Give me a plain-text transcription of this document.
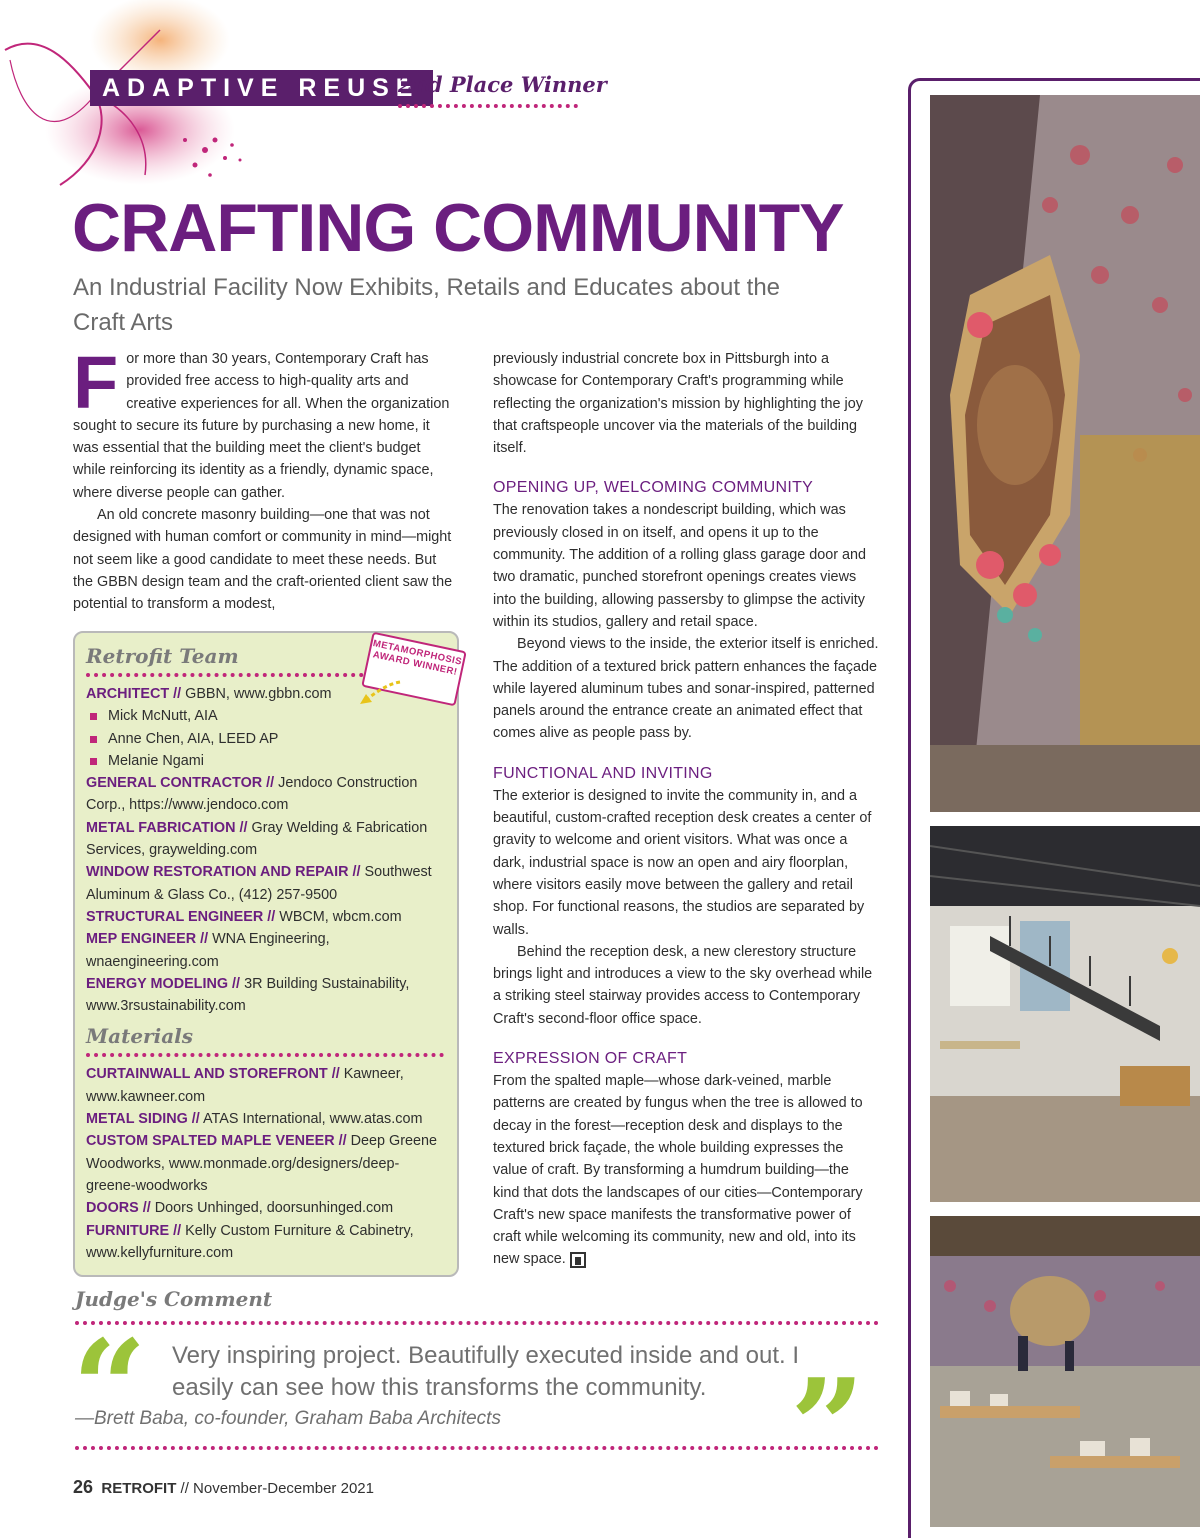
ADAPTIVE REUSE
2nd Place Winner
CRAFTING COMMUNITY
An Industrial Facility Now Exhibits, Retails and Educates about the Craft Arts

For more than 30 years, Contemporary Craft has provided free access to high-quality arts and creative experiences for all. When the organization sought to secure its future by purchasing a new home, it was essential that the building meet the client's budget while reinforcing its identity as a friendly, dynamic space, where diverse people can gather.

An old concrete masonry building—one that was not designed with human comfort or community in mind—might not seem like a good candidate to meet these needs. But the GBBN design team and the craft-oriented client saw the potential to transform a modest,

Retrofit Team
ARCHITECT // GBBN, www.gbbn.com
Mick McNutt, AIA
Anne Chen, AIA, LEED AP
Melanie Ngami
GENERAL CONTRACTOR // Jendoco Construction Corp., https://www.jendoco.com
METAL FABRICATION // Gray Welding & Fabrication Services, graywelding.com
WINDOW RESTORATION AND REPAIR // Southwest Aluminum & Glass Co., (412) 257-9500
STRUCTURAL ENGINEER // WBCM, wbcm.com
MEP ENGINEER // WNA Engineering, wnaengineering.com
ENERGY MODELING // 3R Building Sustainability, www.3rsustainability.com
Materials
CURTAINWALL AND STOREFRONT // Kawneer, www.kawneer.com
METAL SIDING // ATAS International, www.atas.com
CUSTOM SPALTED MAPLE VENEER // Deep Greene Woodworks, www.monmade.org/designers/deep-greene-woodworks
DOORS // Doors Unhinged, doorsunhinged.com
FURNITURE // Kelly Custom Furniture & Cabinetry, www.kellyfurniture.com
METAMORPHOSIS AWARD WINNER!

previously industrial concrete box in Pittsburgh into a showcase for Contemporary Craft's programming while reflecting the organization's mission by highlighting the joy that craftspeople uncover via the materials of the building itself.

OPENING UP, WELCOMING COMMUNITY

The renovation takes a nondescript building, which was previously closed in on itself, and opens it up to the community. The addition of a rolling glass garage door and two dramatic, punched storefront openings creates views into the building, allowing passersby to glimpse the activity within its studios, gallery and retail space.

Beyond views to the inside, the exterior itself is enriched. The addition of a textured brick pattern enhances the façade while layered aluminum tubes and sonar-inspired, patterned panels around the entrance create an animated effect that comes alive as people pass by.

FUNCTIONAL AND INVITING

The exterior is designed to invite the community in, and a beautiful, custom-crafted reception desk creates a center of gravity to welcome and orient visitors. What was once a dark, industrial space is now an open and airy floorplan, where visitors easily move between the gallery and retail shop. For functional reasons, the studios are separated by walls.

Behind the reception desk, a new clerestory structure brings light and introduces a view to the sky overhead while a striking steel stairway provides access to Contemporary Craft's second-floor office space.

EXPRESSION OF CRAFT

From the spalted maple—whose dark-veined, marble patterns are created by fungus when the tree is allowed to decay in the forest—reception desk and displays to the textured brick façade, the whole building expresses the value of craft. By transforming a humdrum building—the kind that dots the landscapes of our cities—Contemporary Craft's new space manifests the transformative power of craft while welcoming its community, new and old, into its new space.

Judge's Comment
“ Very inspiring project. Beautifully executed inside and out. I easily can see how this transforms the community. ”
—Brett Baba, co-founder, Graham Baba Architects
26 RETROFIT // November-December 2021
